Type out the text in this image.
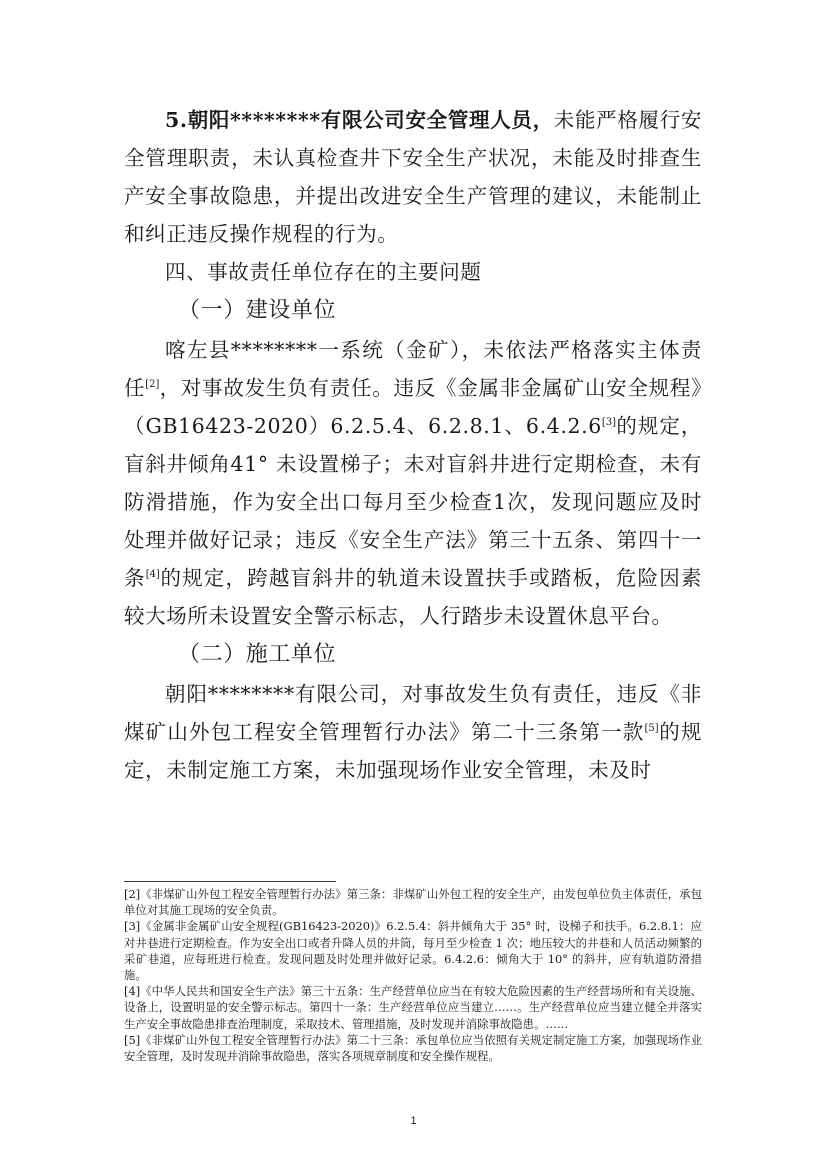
5.朝阳********有限公司安全管理人员，未能严格履行安全管理职责，未认真检查井下安全生产状况，未能及时排查生产安全事故隐患，并提出改进安全生产管理的建议，未能制止和纠正违反操作规程的行为。

四、事故责任单位存在的主要问题

（一）建设单位

喀左县********一系统（金矿），未依法严格落实主体责任[2]，对事故发生负有责任。违反《金属非金属矿山安全规程》（GB16423-2020）6.2.5.4、6.2.8.1、6.4.2.6[3]的规定，盲斜井倾角41° 未设置梯子；未对盲斜井进行定期检查，未有防滑措施，作为安全出口每月至少检查1次，发现问题应及时处理并做好记录；违反《安全生产法》第三十五条、第四十一条[4]的规定，跨越盲斜井的轨道未设置扶手或踏板，危险因素较大场所未设置安全警示标志，人行踏步未设置休息平台。

（二）施工单位

朝阳********有限公司，对事故发生负有责任，违反《非煤矿山外包工程安全管理暂行办法》第二十三条第一款[5]的规定，未制定施工方案，未加强现场作业安全管理，未及时

[2]《非煤矿山外包工程安全管理暂行办法》第三条：非煤矿山外包工程的安全生产，由发包单位负主体责任，承包单位对其施工现场的安全负责。

[3]《金属非金属矿山安全规程(GB16423-2020)》6.2.5.4：斜井倾角大于 35° 时，设梯子和扶手。6.2.8.1：应对井巷进行定期检查。作为安全出口或者升降人员的井筒，每月至少检查 1 次；地压较大的井巷和人员活动频繁的采矿巷道，应每班进行检查。发现问题及时处理并做好记录。6.4.2.6：倾角大于 10° 的斜井，应有轨道防滑措施。

[4]《中华人民共和国安全生产法》第三十五条：生产经营单位应当在有较大危险因素的生产经营场所和有关设施、设备上，设置明显的安全警示标志。第四十一条：生产经营单位应当建立……。生产经营单位应当建立健全并落实生产安全事故隐患排查治理制度，采取技术、管理措施，及时发现并消除事故隐患。……

[5]《非煤矿山外包工程安全管理暂行办法》第二十三条：承包单位应当依照有关规定制定施工方案，加强现场作业安全管理，及时发现并消除事故隐患，落实各项规章制度和安全操作规程。

1
